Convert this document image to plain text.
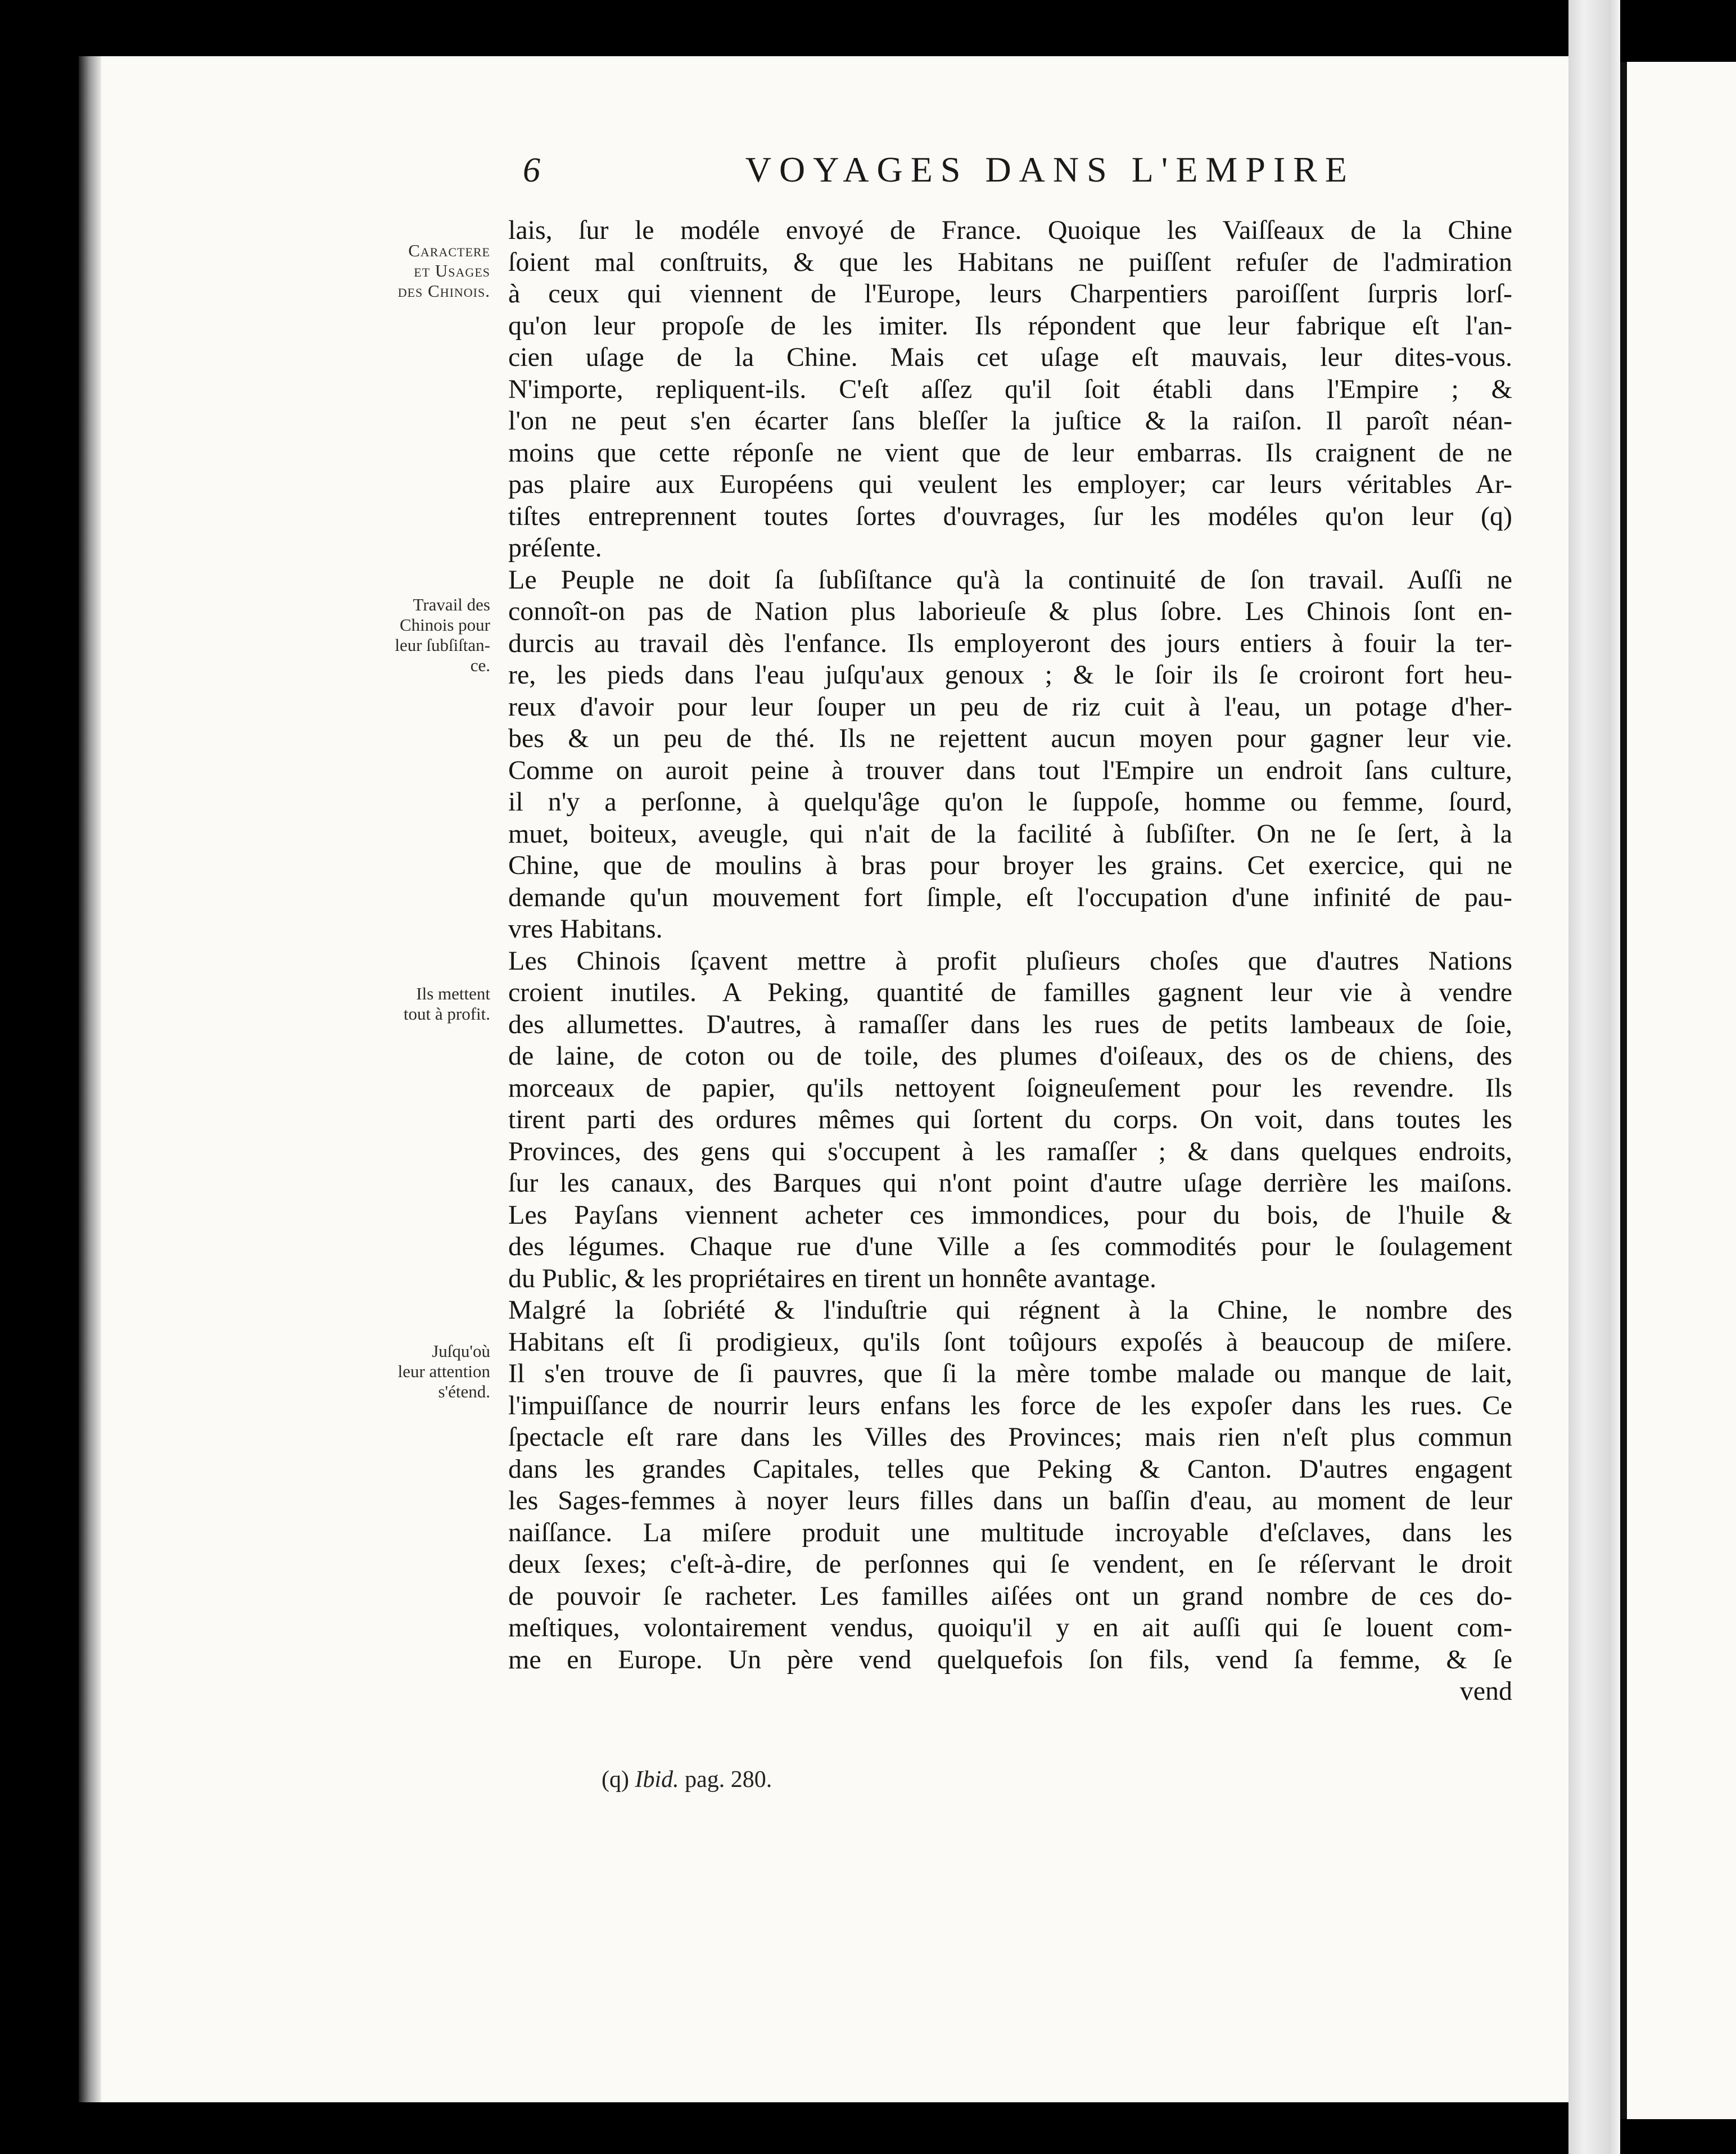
6	VOYAGES DANS L'EMPIRE
Caractere
et Usages
des Chinois.
Travail des
Chinois pour
leur ſubſiſtan-
ce.
Ils mettent
tout à profit.
Juſqu'où
leur attention
s'étend.
lais, ſur le modéle envoyé de France. Quoique les Vaiſſeaux de la Chine
ſoient mal conſtruits, & que les Habitans ne puiſſent refuſer de l'admiration
à ceux qui viennent de l'Europe, leurs Charpentiers paroiſſent ſurpris lorſ-
qu'on leur propoſe de les imiter. Ils répondent que leur fabrique eſt l'an-
cien uſage de la Chine. Mais cet uſage eſt mauvais, leur dites-vous.
N'importe, repliquent-ils. C'eſt aſſez qu'il ſoit établi dans l'Empire ; &
l'on ne peut s'en écarter ſans bleſſer la juſtice & la raiſon. Il paroît néan-
moins que cette réponſe ne vient que de leur embarras. Ils craignent de ne
pas plaire aux Européens qui veulent les employer; car leurs véritables Ar-
tiſtes entreprennent toutes ſortes d'ouvrages, ſur les modéles qu'on leur (q)
préſente.
Le Peuple ne doit ſa ſubſiſtance qu'à la continuité de ſon travail. Auſſi ne
connoît-on pas de Nation plus laborieuſe & plus ſobre. Les Chinois ſont en-
durcis au travail dès l'enfance. Ils employeront des jours entiers à fouir la ter-
re, les pieds dans l'eau juſqu'aux genoux ; & le ſoir ils ſe croiront fort heu-
reux d'avoir pour leur ſouper un peu de riz cuit à l'eau, un potage d'her-
bes & un peu de thé. Ils ne rejettent aucun moyen pour gagner leur vie.
Comme on auroit peine à trouver dans tout l'Empire un endroit ſans culture,
il n'y a perſonne, à quelqu'âge qu'on le ſuppoſe, homme ou femme, ſourd,
muet, boiteux, aveugle, qui n'ait de la facilité à ſubſiſter. On ne ſe ſert, à la
Chine, que de moulins à bras pour broyer les grains. Cet exercice, qui ne
demande qu'un mouvement fort ſimple, eſt l'occupation d'une infinité de pau-
vres Habitans.
Les Chinois ſçavent mettre à profit pluſieurs choſes que d'autres Nations
croient inutiles. A Peking, quantité de familles gagnent leur vie à vendre
des allumettes. D'autres, à ramaſſer dans les rues de petits lambeaux de ſoie,
de laine, de coton ou de toile, des plumes d'oiſeaux, des os de chiens, des
morceaux de papier, qu'ils nettoyent ſoigneuſement pour les revendre. Ils
tirent parti des ordures mêmes qui ſortent du corps. On voit, dans toutes les
Provinces, des gens qui s'occupent à les ramaſſer ; & dans quelques endroits,
ſur les canaux, des Barques qui n'ont point d'autre uſage derrière les maiſons.
Les Payſans viennent acheter ces immondices, pour du bois, de l'huile &
des légumes. Chaque rue d'une Ville a ſes commodités pour le ſoulagement
du Public, & les propriétaires en tirent un honnête avantage.
Malgré la ſobriété & l'induſtrie qui régnent à la Chine, le nombre des
Habitans eſt ſi prodigieux, qu'ils ſont toûjours expoſés à beaucoup de miſere.
Il s'en trouve de ſi pauvres, que ſi la mère tombe malade ou manque de lait,
l'impuiſſance de nourrir leurs enfans les force de les expoſer dans les rues. Ce
ſpectacle eſt rare dans les Villes des Provinces; mais rien n'eſt plus commun
dans les grandes Capitales, telles que Peking & Canton. D'autres engagent
les Sages-femmes à noyer leurs filles dans un baſſin d'eau, au moment de leur
naiſſance. La miſere produit une multitude incroyable d'eſclaves, dans les
deux ſexes; c'eſt-à-dire, de perſonnes qui ſe vendent, en ſe réſervant le droit
de pouvoir ſe racheter. Les familles aiſées ont un grand nombre de ces do-
meſtiques, volontairement vendus, quoiqu'il y en ait auſſi qui ſe louent com-
me en Europe. Un père vend quelquefois ſon fils, vend ſa femme, & ſe
vend
(q) Ibid. pag. 280.
